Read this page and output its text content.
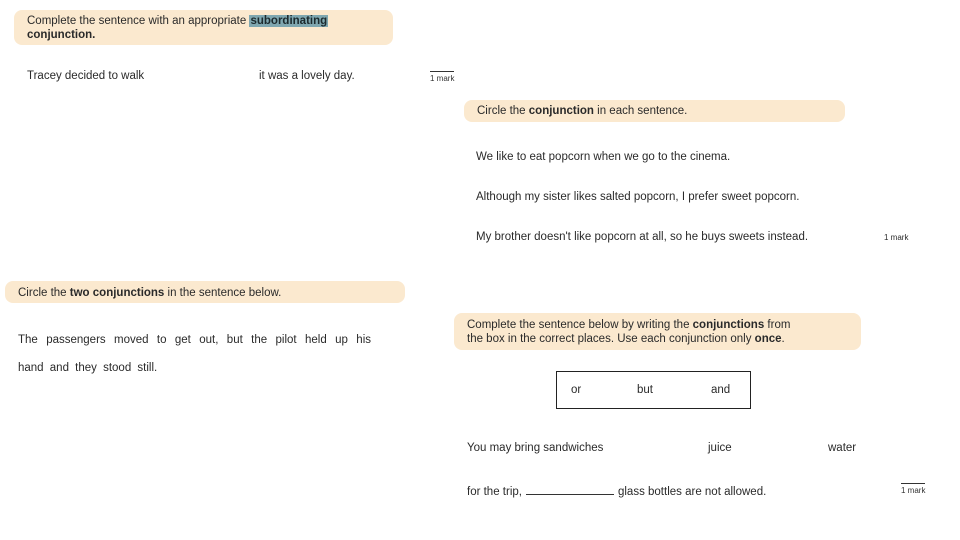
Complete the sentence with an appropriate subordinating
conjunction.
Tracey decided to walk	it was a lovely day.	1 mark
Circle the conjunction in each sentence.
We like to eat popcorn when we go to the cinema.
Although my sister likes salted popcorn, I prefer sweet popcorn.
My brother doesn't like popcorn at all, so he buys sweets instead.	1 mark
Circle the two conjunctions in the sentence below.
The passengers moved to get out, but the pilot held up his
hand and they stood still.
Complete the sentence below by writing the conjunctions from
the box in the correct places. Use each conjunction only once.
or	but	and
You may bring sandwiches	juice	water
for the trip,	glass bottles are not allowed.	1 mark
